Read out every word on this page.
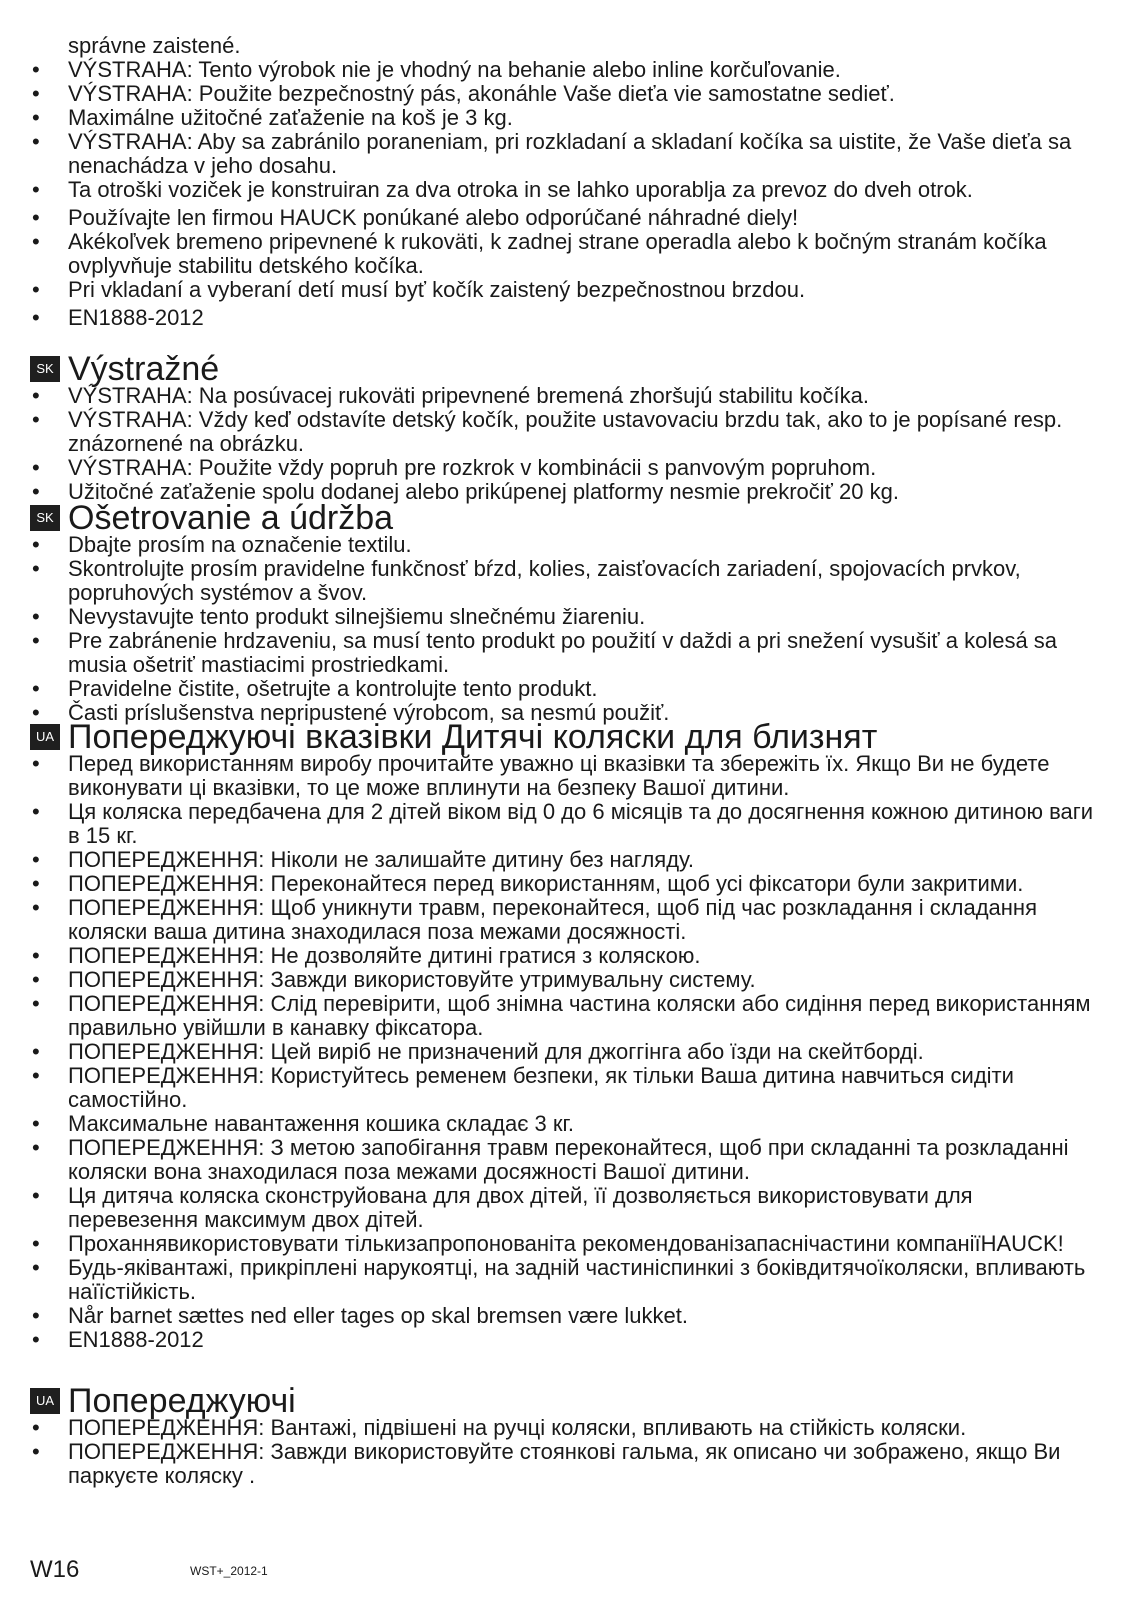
správne zaistené.
• VÝSTRAHA: Tento výrobok nie je vhodný na behanie alebo inline korčuľovanie.
• VÝSTRAHA: Použite bezpečnostný pás, akonáhle Vaše dieťa vie samostatne sedieť.
• Maximálne užitočné zaťaženie na koš je 3 kg.
• VÝSTRAHA: Aby sa zabránilo poraneniam, pri rozkladaní a skladaní kočíka sa uistite, že Vaše dieťa sa nenachádza v jeho dosahu.
• Ta otroški voziček je konstruiran za dva otroka in se lahko uporablja za prevoz do dveh otrok.
• Používajte len firmou HAUCK ponúkané alebo odporúčané náhradné diely!
• Akékoľvek bremeno pripevnené k rukoväti, k zadnej strane operadla alebo k bočným stranám kočíka ovplyvňuje stabilitu detského kočíka.
• Pri vkladaní a vyberaní detí musí byť kočík zaistený bezpečnostnou brzdou.
• EN1888-2012
SK Výstražné
• VÝSTRAHA: Na posúvacej rukoväti pripevnené bremená zhoršujú stabilitu kočíka.
• VÝSTRAHA: Vždy keď odstavíte detský kočík, použite ustavovaciu brzdu tak, ako to je popísané resp. znázornené na obrázku.
• VÝSTRAHA: Použite vždy popruh pre rozkrok v kombinácii s panvovým popruhom.
• Užitočné zaťaženie spolu dodanej alebo prikúpenej platformy nesmie prekročiť 20 kg.
SK Ošetrovanie a údržba
• Dbajte prosím na označenie textilu.
• Skontrolujte prosím pravidelne funkčnosť bŕzd, kolies, zaisťovacích zariadení, spojovacích prvkov, popruhových systémov a švov.
• Nevystavujte tento produkt silnejšiemu slnečnému žiareniu.
• Pre zabránenie hrdzaveniu, sa musí tento produkt po použití v daždi a pri snežení vysušiť a kolesá sa musia ošetriť mastiacimi prostriedkami.
• Pravidelne čistite, ošetrujte a kontrolujte tento produkt.
• Časti príslušenstva nepripustené výrobcom, sa nesmú použiť.
UA Попереджуючі вказівки Дитячі коляски для близнят
• Перед використанням виробу прочитайте уважно ці вказівки та збережіть їх. Якщо Ви не будете виконувати ці вказівки, то це може вплинути на безпеку Вашої дитини.
• Ця коляска передбачена для 2 дітей віком від 0 до 6 місяців та до досягнення кожною дитиною ваги в 15 кг.
• ПОПЕРЕДЖЕННЯ: Ніколи не залишайте дитину без нагляду.
• ПОПЕРЕДЖЕННЯ: Переконайтеся перед використанням, щоб усі фіксатори були закритими.
• ПОПЕРЕДЖЕННЯ: Щоб уникнути травм, переконайтеся, щоб під час розкладання і складання коляски ваша дитина знаходилася поза межами досяжності.
• ПОПЕРЕДЖЕННЯ: Не дозволяйте дитині гратися з коляскою.
• ПОПЕРЕДЖЕННЯ: Завжди використовуйте утримувальну систему.
• ПОПЕРЕДЖЕННЯ: Слід перевірити, щоб знімна частина коляски або сидіння перед використанням правильно увійшли в канавку фіксатора.
• ПОПЕРЕДЖЕННЯ: Цей виріб не призначений для джоггінга або їзди на скейтборді.
• ПОПЕРЕДЖЕННЯ: Користуйтесь ременем безпеки, як тільки Ваша дитина навчиться сидіти самостійно.
• Максимальне навантаження кошика складає 3 кг.
• ПОПЕРЕДЖЕННЯ: З метою запобігання травм переконайтеся, щоб при складанні та розкладанні коляски вона знаходилася поза межами досяжності Вашої дитини.
• Ця дитяча коляска сконструйована для двох дітей, її дозволяється використовувати для перевезення максимум двох дітей.
• Проханнявикористовувати тількизапропонованіта рекомендованізапаснічастини компаніїHAUCK!
• Будь-яківантажі, прикріплені нарукоятці, на задній частиніспинкиі з боківдитячоїколяски, впливають наїїстійкість.
• Når barnet sættes ned eller tages op skal bremsen være lukket.
• EN1888-2012
UA Попереджуючі
• ПОПЕРЕДЖЕННЯ: Вантажі, підвішені на ручці коляски, впливають на стійкість коляски.
• ПОПЕРЕДЖЕННЯ: Завжди використовуйте стоянкові гальма, як описано чи зображено, якщо Ви паркуєте коляску .
W16	WST+_2012-1
